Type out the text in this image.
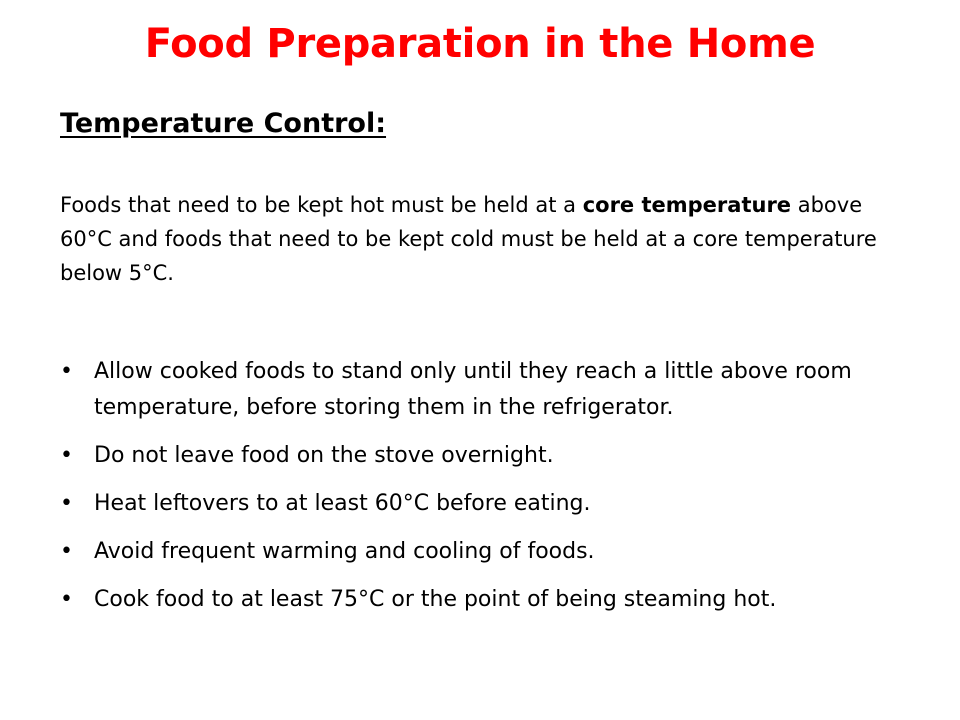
Food Preparation in the Home
Temperature Control:
Foods that need to be kept hot must be held at a core temperature above 60°C and foods that need to be kept cold must be held at a core temperature below 5°C.
• Allow cooked foods to stand only until they reach a little above room temperature, before storing them in the refrigerator.
• Do not leave food on the stove overnight.
• Heat leftovers to at least 60°C before eating.
• Avoid frequent warming and cooling of foods.
• Cook food to at least 75°C or the point of being steaming hot.
